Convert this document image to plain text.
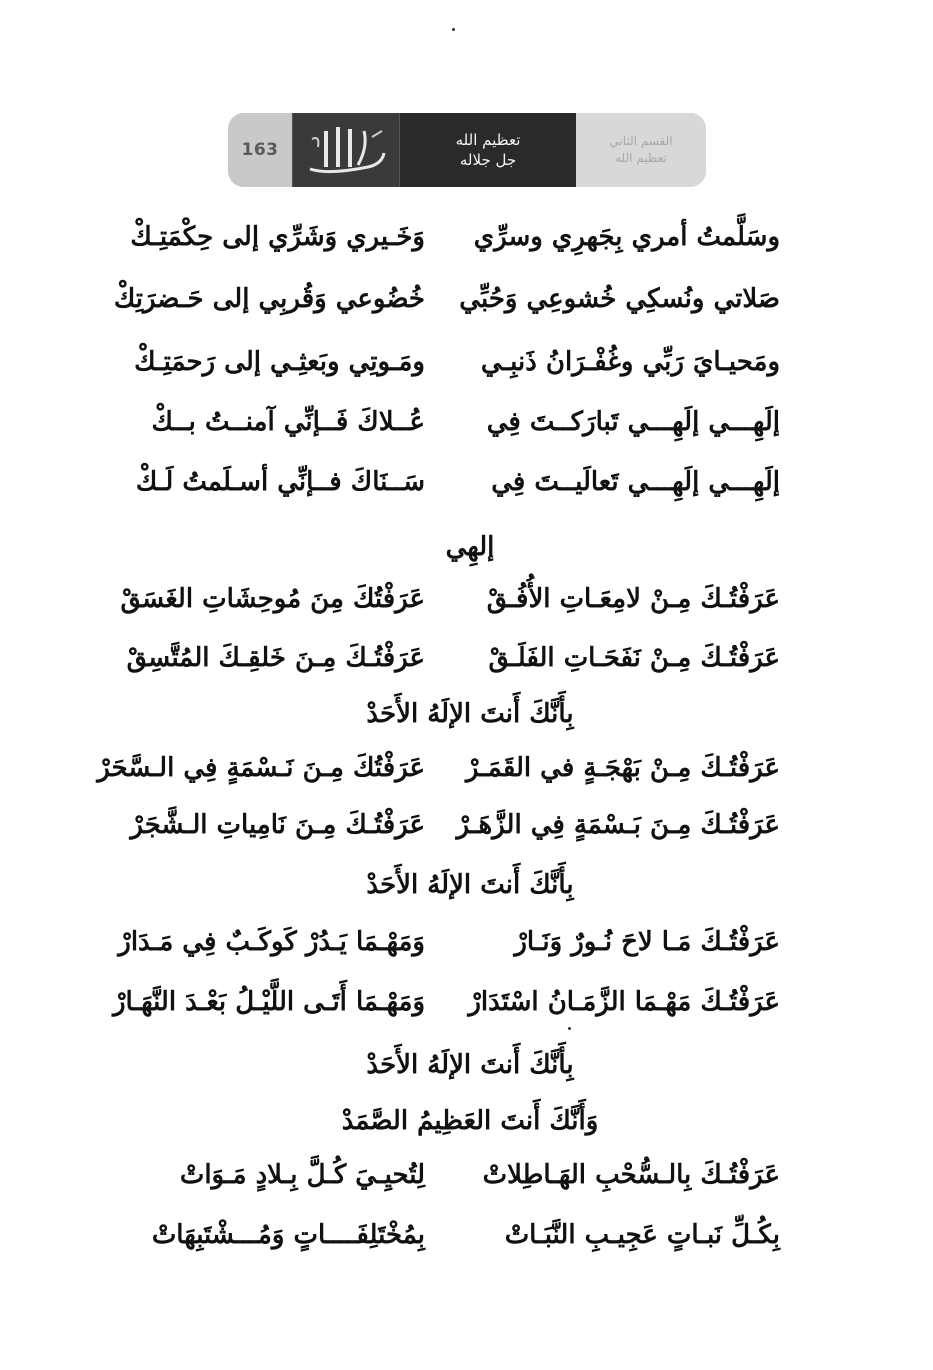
163	تعظيم الله
جل جلاله
القسم الثاني
تعظيم الله
وسَلَّمتُ أمري بِجَهرِي وسرِّي
وَخَـيري وَشَرِّي إلى حِكْمَتِـكْ
صَلاتي ونُسكِي خُشوعِي وَحُبِّي
خُضُوعي وَقُربِي إلى حَـضرَتِكْ
ومَحيـايَ رَبِّي وغُفْـرَانُ ذَنبِـي
ومَـوتِي وبَعثِـي إلى رَحمَتِـكْ
إلَهِـــي إلَهِـــي تَبارَكــتَ فِي
عُــلاكَ فَــإنِّي آمنــتُ بــكْ
إلَهِـــي إلَهِـــي تَعالَيــتَ فِي
سَــنَاكَ فــإنِّي أسـلَمتُ لَـكْ
إلهِي
عَرَفْتُـكَ مِـنْ لامِعَـاتِ الأُفُـقْ
عَرَفْتُكَ مِنَ مُوحِشَاتِ الغَسَقْ
عَرَفْتُـكَ مِـنْ نَفَحَـاتِ الفَلَـقْ
عَرَفْتُـكَ مِـنَ خَلقِـكَ المُتَّسِقْ
بِأَنَّكَ أَنتَ الإلَهُ الأَحَدْ
عَرَفْتُـكَ مِـنْ بَهْجَـةٍ في القَمَـرْ
عَرَفْتُكَ مِـنَ نَـسْمَةٍ فِي الـسَّحَرْ
عَرَفْتُـكَ مِـنَ بَـسْمَةٍ فِي الزَّهَـرْ
عَرَفْتُـكَ مِـنَ نَامِياتِ الـشَّجَرْ
بِأَنَّكَ أَنتَ الإلَهُ الأَحَدْ
عَرَفْتُـكَ مَـا لاحَ نُـورٌ وَنَـارْ
وَمَهْـمَا يَـدُرْ كَوكَـبٌ فِي مَـدَارْ
عَرَفْتُـكَ مَهْـمَا الزَّمَـانُ اسْتَدَارْ
وَمَهْـمَا أَتَـى اللَّيْـلُ بَعْـدَ النَّهَـارْ
بِأَنَّكَ أَنتَ الإلَهُ الأَحَدْ
وَأَنَّكَ أَنتَ العَظِيمُ الصَّمَدْ
عَرَفْتُـكَ بِالـسُّحْبِ الهَـاطِلاتْ
لِتُحيِـيَ كُـلَّ بِـلادٍ مَـوَاتْ
بِكُـلِّ نَبـاتٍ عَجِيـبِ النَّبَـاتْ
بِمُخْتَلِفَــــاتٍ وَمُـــشْتَبِهَاتْ
